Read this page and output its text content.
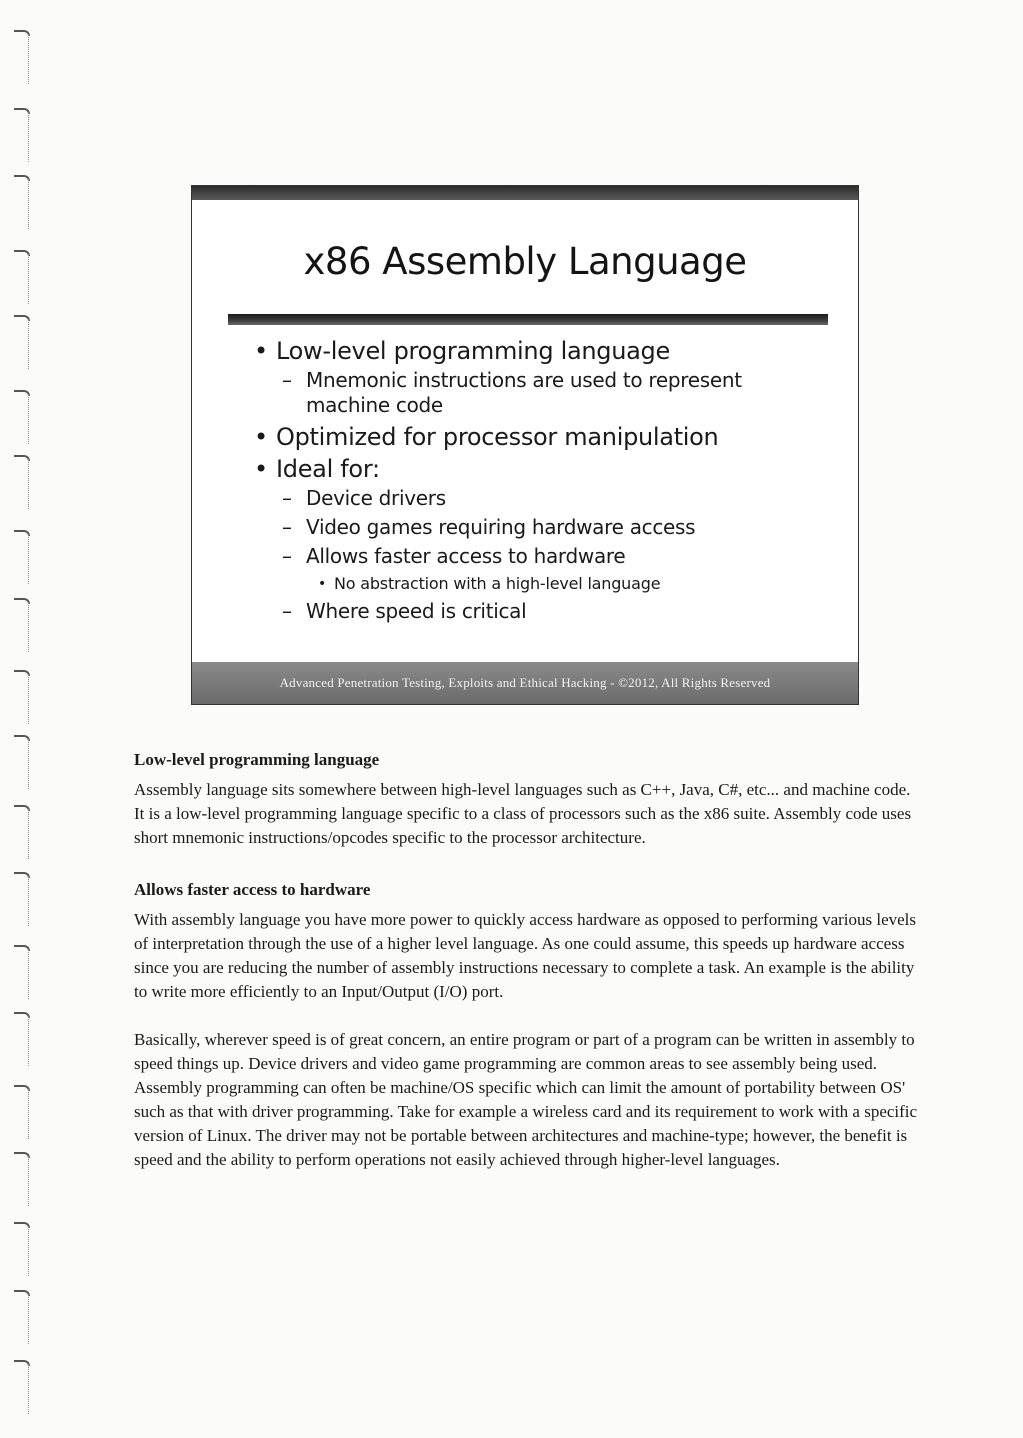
x86 Assembly Language
• Low-level programming language
– Mnemonic instructions are used to represent machine code
• Optimized for processor manipulation
• Ideal for:
– Device drivers
– Video games requiring hardware access
– Allows faster access to hardware
• No abstraction with a high-level language
– Where speed is critical
Advanced Penetration Testing, Exploits and Ethical Hacking - ©2012, All Rights Reserved
Low-level programming language

Assembly language sits somewhere between high-level languages such as C++, Java, C#, etc... and machine code. It is a low-level programming language specific to a class of processors such as the x86 suite. Assembly code uses short mnemonic instructions/opcodes specific to the processor architecture.

Allows faster access to hardware

With assembly language you have more power to quickly access hardware as opposed to performing various levels of interpretation through the use of a higher level language. As one could assume, this speeds up hardware access since you are reducing the number of assembly instructions necessary to complete a task. An example is the ability to write more efficiently to an Input/Output (I/O) port.

Basically, wherever speed is of great concern, an entire program or part of a program can be written in assembly to speed things up. Device drivers and video game programming are common areas to see assembly being used. Assembly programming can often be machine/OS specific which can limit the amount of portability between OS' such as that with driver programming. Take for example a wireless card and its requirement to work with a specific version of Linux. The driver may not be portable between architectures and machine-type; however, the benefit is speed and the ability to perform operations not easily achieved through higher-level languages.
